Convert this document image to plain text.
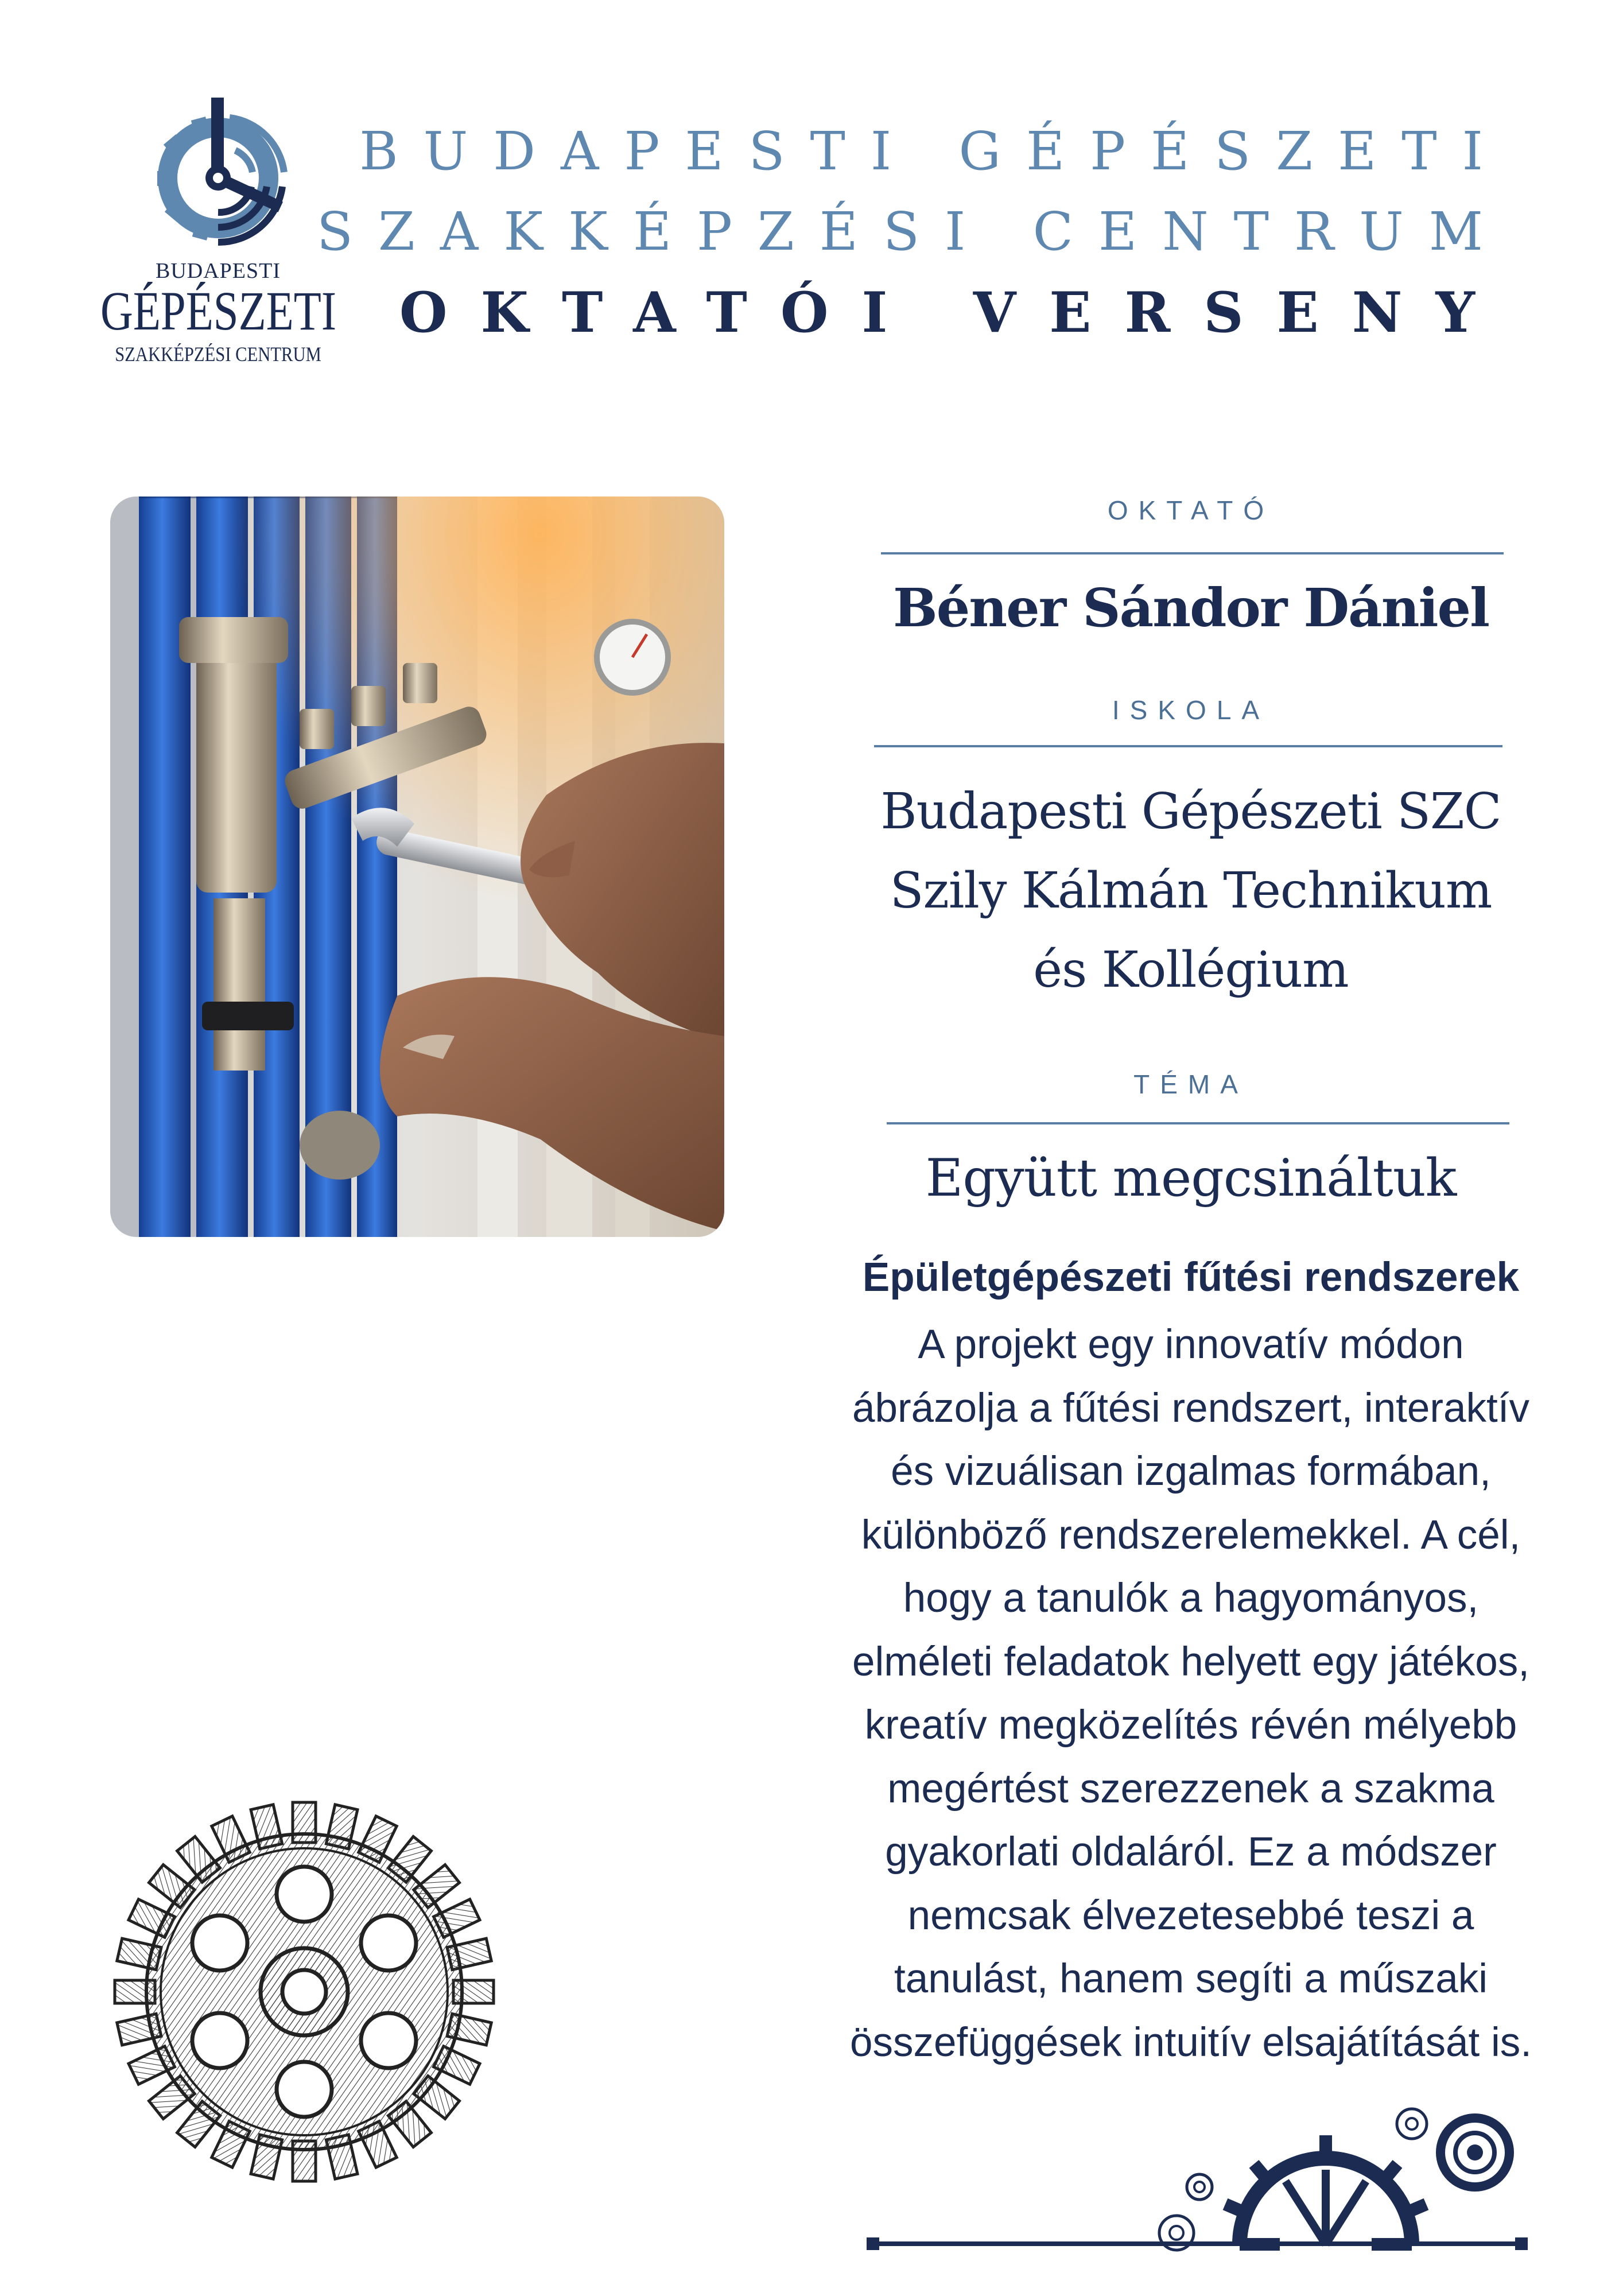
BUDAPESTI
GÉPÉSZETI
SZAKKÉPZÉSI CENTRUM
BUDAPESTI GÉPÉSZETI
SZAKKÉPZÉSI CENTRUM
OKTATÓI VERSENY
OKTATÓ
Béner Sándor Dániel
ISKOLA
Budapesti Gépészeti SZC
Szily Kálmán Technikum
és Kollégium
TÉMA
Együtt megcsináltuk
Épületgépészeti fűtési rendszerek

A projekt egy innovatív módon

ábrázolja a fűtési rendszert, interaktív

és vizuálisan izgalmas formában,

különböző rendszerelemekkel. A cél,

hogy a tanulók a hagyományos,

elméleti feladatok helyett egy játékos,

kreatív megközelítés révén mélyebb

megértést szerezzenek a szakma

gyakorlati oldaláról. Ez a módszer

nemcsak élvezetesebbé teszi a

tanulást, hanem segíti a műszaki

összefüggések intuitív elsajátítását is.
